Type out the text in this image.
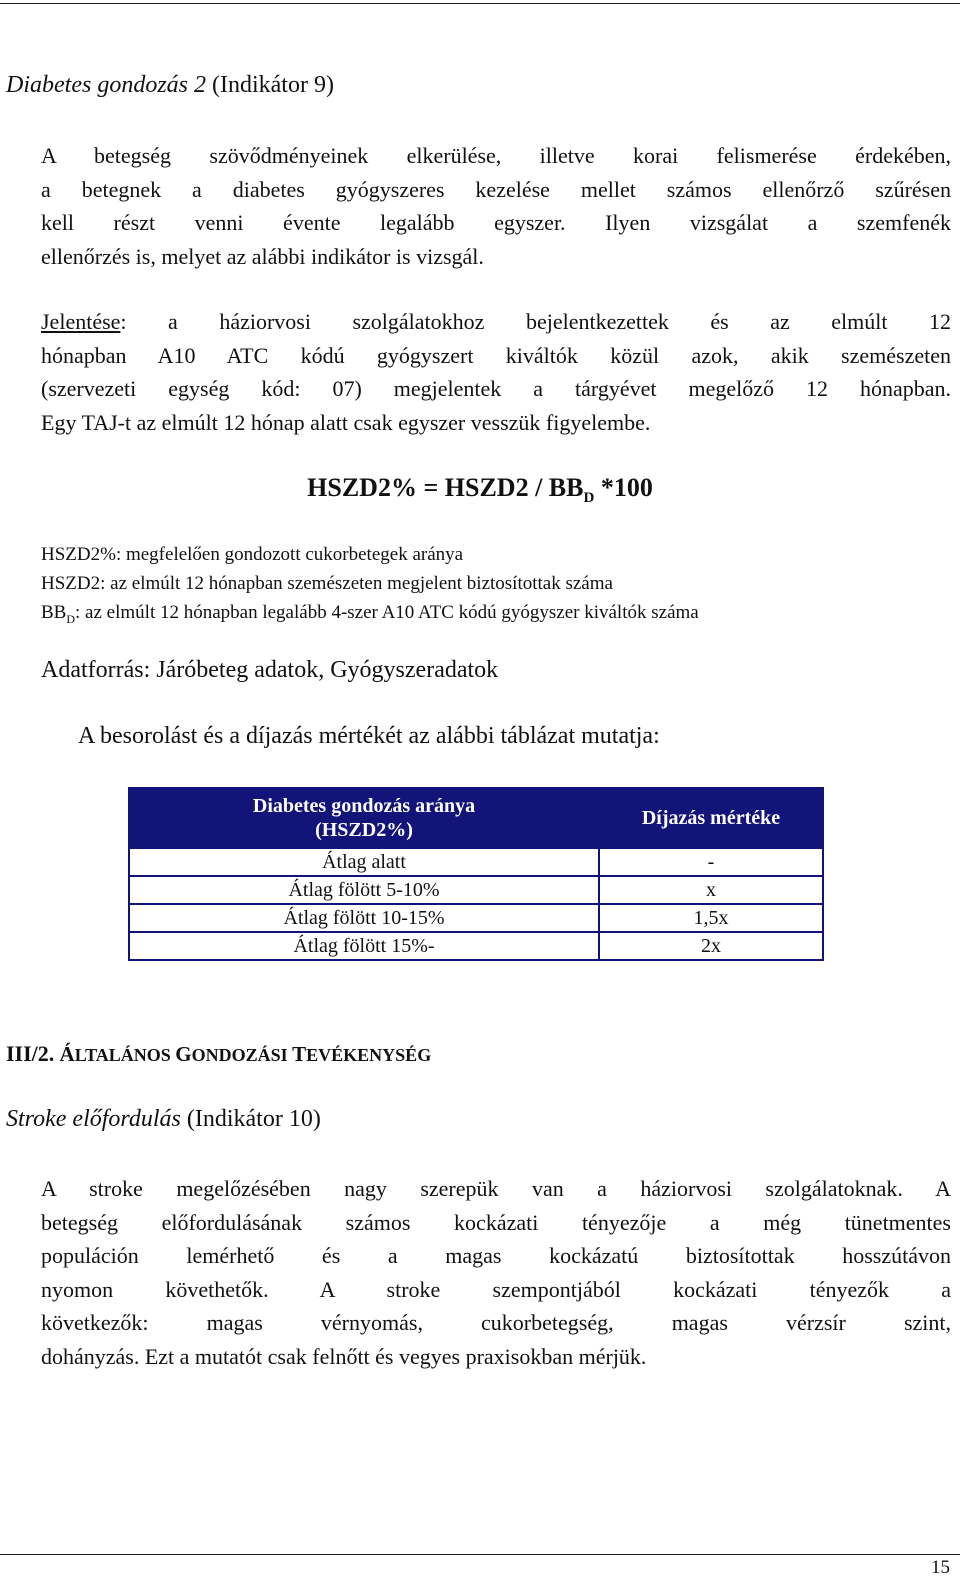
Diabetes gondozás 2 (Indikátor 9)
A betegség szövődményeinek elkerülése, illetve korai felismerése érdekében,
a betegnek a diabetes gyógyszeres kezelése mellet számos ellenőrző szűrésen
kell részt venni évente legalább egyszer. Ilyen vizsgálat a szemfenék
ellenőrzés is, melyet az alábbi indikátor is vizsgál.
Jelentése: a háziorvosi szolgálatokhoz bejelentkezettek és az elmúlt 12
hónapban A10 ATC kódú gyógyszert kiváltók közül azok, akik szemészeten
(szervezeti egység kód: 07) megjelentek a tárgyévet megelőző 12 hónapban.
Egy TAJ-t az elmúlt 12 hónap alatt csak egyszer vesszük figyelembe.
HSZD2% = HSZD2 / $BB_D$ *100
HSZD2%: megfelelően gondozott cukorbetegek aránya
HSZD2: az elmúlt 12 hónapban szemészeten megjelent biztosítottak száma
$BB_D$: az elmúlt 12 hónapban legalább 4-szer A10 ATC kódú gyógyszer kiváltók száma
Adatforrás: Járóbeteg adatok, Gyógyszeradatok
A besorolást és a díjazás mértékét az alábbi táblázat mutatja:
Diabetes gondozás aránya
(HSZD2%)	Díjazás mértéke
Átlag alatt	-
Átlag fölött 5-10%	x
Átlag fölött 10-15%	1,5x
Átlag fölött 15%-	2x
III/2. ÁLTALÁNOS GONDOZÁSI TEVÉKENYSÉG
Stroke előfordulás (Indikátor 10)
A stroke megelőzésében nagy szerepük van a háziorvosi szolgálatoknak. A
betegség előfordulásának számos kockázati tényezője a még tünetmentes
populáción lemérhető és a magas kockázatú biztosítottak hosszútávon
nyomon követhetők. A stroke szempontjából kockázati tényezők a
következők: magas vérnyomás, cukorbetegség, magas vérzsír szint,
dohányzás. Ezt a mutatót csak felnőtt és vegyes praxisokban mérjük.
15
